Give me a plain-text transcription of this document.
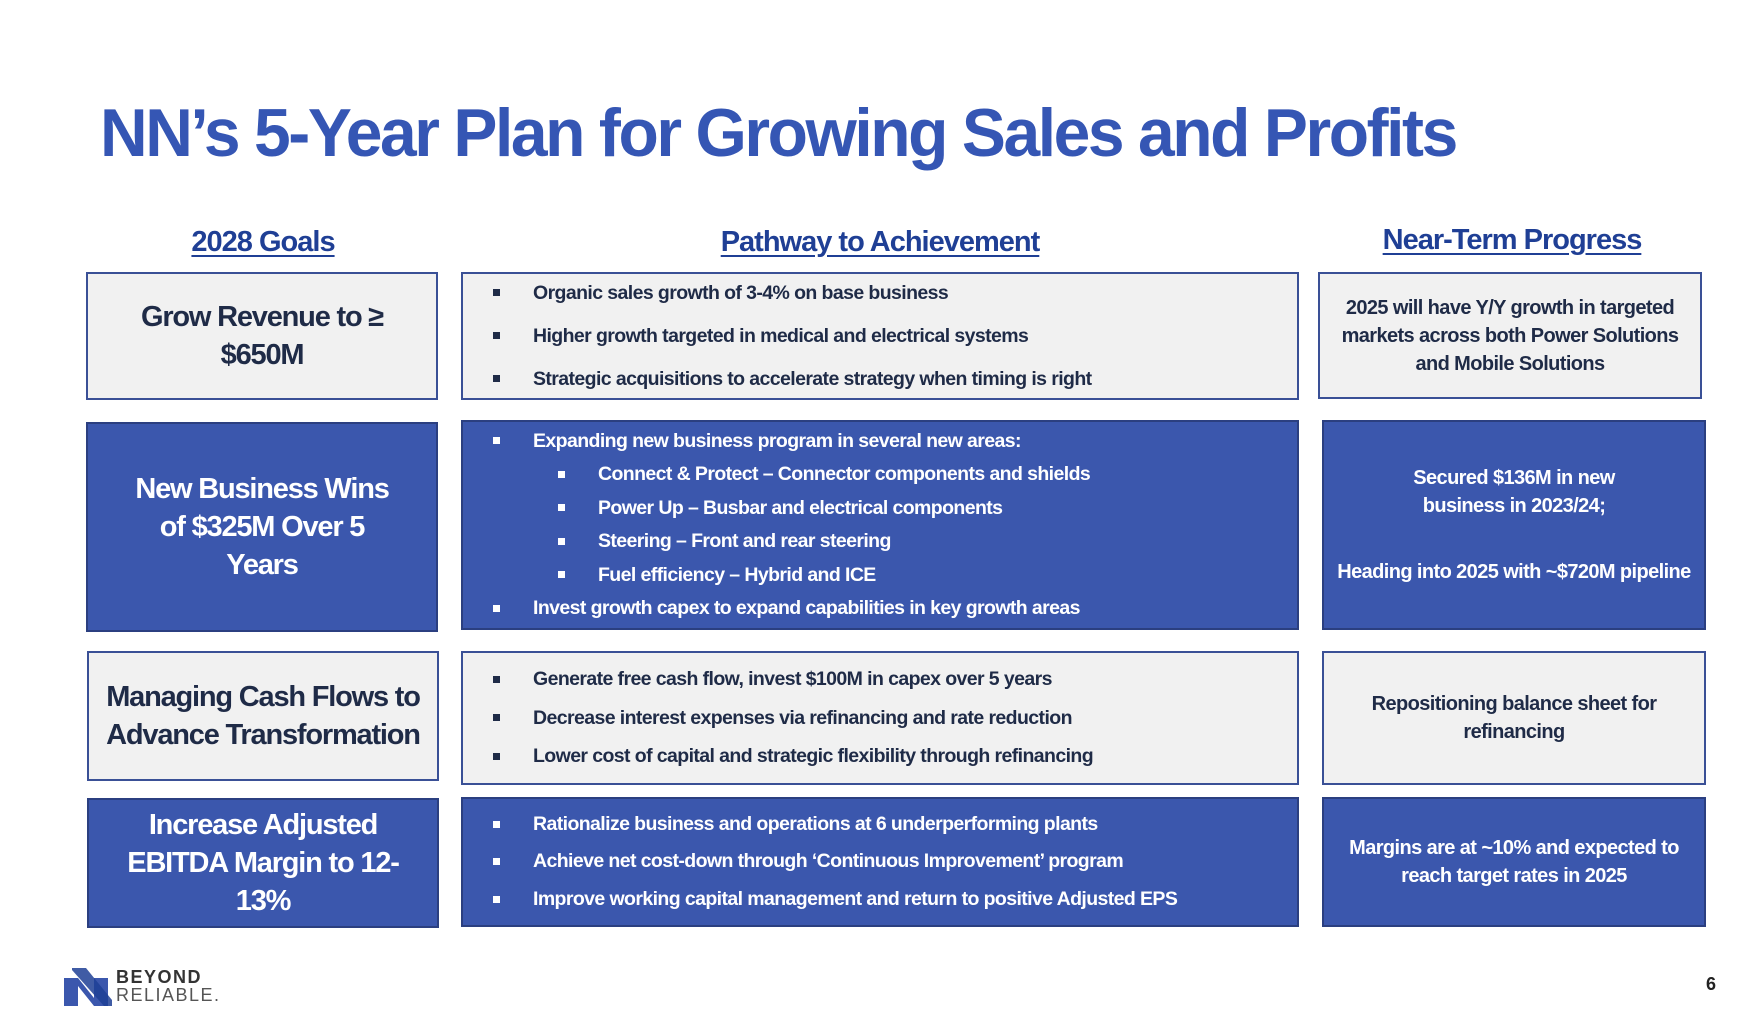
NN’s 5-Year Plan for Growing Sales and Profits
2028 Goals	Pathway to Achievement	Near-Term Progress
Grow Revenue to ≥ $650M
Organic sales growth of 3-4% on base business
Higher growth targeted in medical and electrical systems
Strategic acquisitions to accelerate strategy when timing is right
2025 will have Y/Y growth in targeted markets across both Power Solutions and Mobile Solutions
New Business Wins of $325M Over 5 Years
Expanding new business program in several new areas:
Connect & Protect – Connector components and shields
Power Up – Busbar and electrical components
Steering – Front and rear steering
Fuel efficiency – Hybrid and ICE
Invest growth capex to expand capabilities in key growth areas
Secured $136M in new business in 2023/24;
Heading into 2025 with ~$720M pipeline
Managing Cash Flows to Advance Transformation
Generate free cash flow, invest $100M in capex over 5 years
Decrease interest expenses via refinancing and rate reduction
Lower cost of capital and strategic flexibility through refinancing
Repositioning balance sheet for refinancing
Increase Adjusted EBITDA Margin to 12-13%
Rationalize business and operations at 6 underperforming plants
Achieve net cost-down through ‘Continuous Improvement’ program
Improve working capital management and return to positive Adjusted EPS
Margins are at ~10% and expected to reach target rates in 2025
BEYOND
RELIABLE.
6
